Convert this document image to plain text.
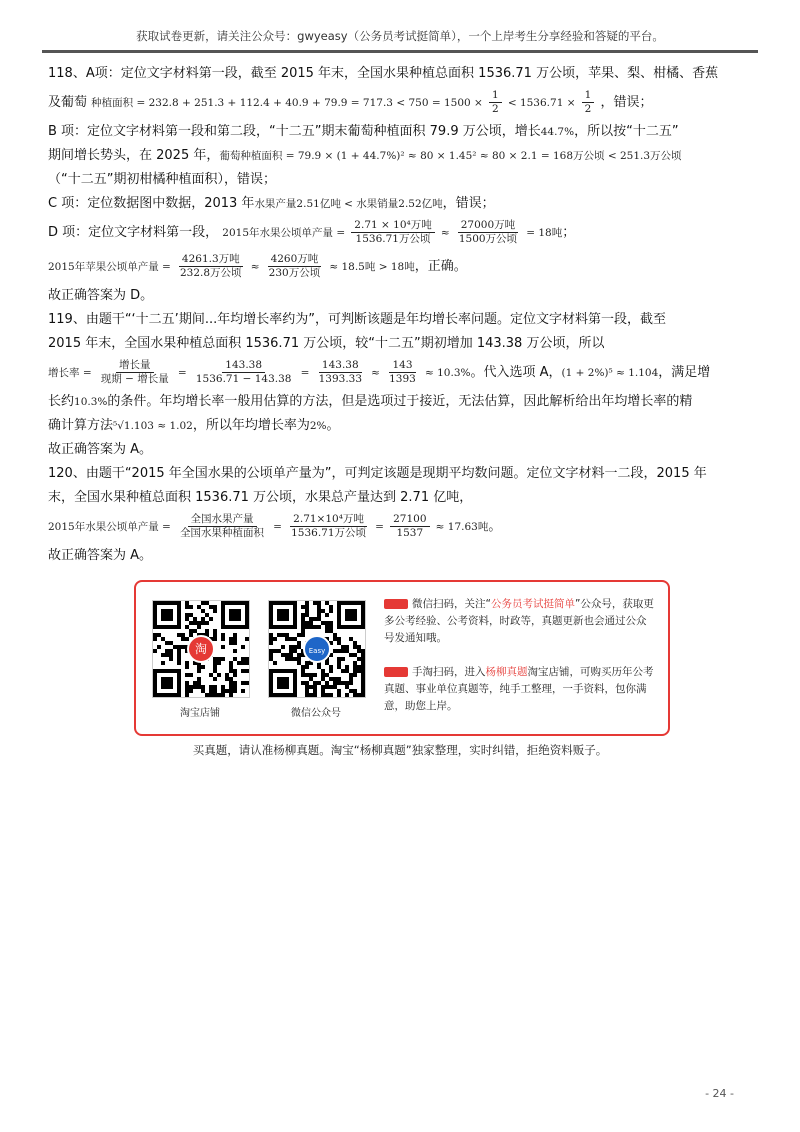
获取试卷更新，请关注公众号：gwyeasy（公务员考试挺简单），一个上岸考生分享经验和答疑的平台。
118、A项：定位文字材料第一段，截至 2015 年末，全国水果种植总面积 1536.71 万公顷，苹果、梨、柑橘、香蕉
及葡萄 种植面积 = $232.8 + 251.3 + 112.4 + 40.9 + 79.9 = 717.3 < 750 = 1500 \times \frac{1}{2} < 1536.71 \times \frac{1}{2}$ ，错误；
B 项：定位文字材料第一段和第二段，“十二五”期末葡萄种植面积 79.9 万公顷，增长44.7%，所以按“十二五”
期间增长势头，在 2025 年，葡萄种植面积 = 79.9 × (1 + 44.7%)² ≈ 80 × 1.45² ≈ 80 × 2.1 = 168万公顷 < 251.3万公顷
（“十二五”期初柑橘种植面积），错误；
C 项：定位数据图中数据，2013 年水果产量2.51亿吨 < 水果销量2.52亿吨，错误；
D 项：定位文字材料第一段， 2015年水果公顷单产量 = $\frac{\text{2.71 × 10⁴万吨}}{\text{1536.71万公顷}} \approx \frac{\text{27000万吨}}{\text{1500万公顷}} = 18$吨；
2015年苹果公顷单产量 = $\frac{\text{4261.3万吨}}{\text{232.8万公顷}} \approx \frac{\text{4260万吨}}{\text{230万公顷}} \approx 18.5$吨 > 18吨，正确。
故正确答案为 D。
119、由题干“‘十二五’期间...年均增长率约为”，可判断该题是年均增长率问题。定位文字材料第一段，截至
2015 年末，全国水果种植总面积 1536.71 万公顷，较“十二五”期初增加 143.38 万公顷，所以
增长率 = $\frac{\text{增长量}}{\text{现期 − 增长量}} = \frac{143.38}{1536.71 - 143.38} = \frac{143.38}{1393.33} \approx \frac{143}{1393} \approx 10.3\%$。代入选项 A，(1 + 2%)⁵ ≈ 1.104，满足增
长约10.3%的条件。年均增长率一般用估算的方法，但是选项过于接近，无法估算，因此解析给出年均增长率的精
确计算方法⁵√1.103 ≈ 1.02，所以年均增长率为2%。
故正确答案为 A。
120、由题干“2015 年全国水果的公顷单产量为”，可判定该题是现期平均数问题。定位文字材料一二段，2015 年
末，全国水果种植总面积 1536.71 万公顷，水果总产量达到 2.71 亿吨，
2015年水果公顷单产量 = $\frac{\text{全国水果产量}}{\text{全国水果种植面积}} = \frac{\text{2.71×10⁴万吨}}{\text{1536.71万公顷}} = \frac{27100}{1537} \approx 17.63$吨。
故正确答案为 A。
淘
淘宝店铺
Easy
微信公众号
微信扫码，关注“公务员考试挺简单”公众号，获取更多公考经验、公考资料，时政等，真题更新也会通过公众号发通知哦。
手淘扫码，进入杨柳真题淘宝店铺，可购买历年公考真题、事业单位真题等，纯手工整理，一手资料，包你满意，助您上岸。
买真题，请认准杨柳真题。淘宝“杨柳真题”独家整理，实时纠错，拒绝资料贩子。
- 24 -
